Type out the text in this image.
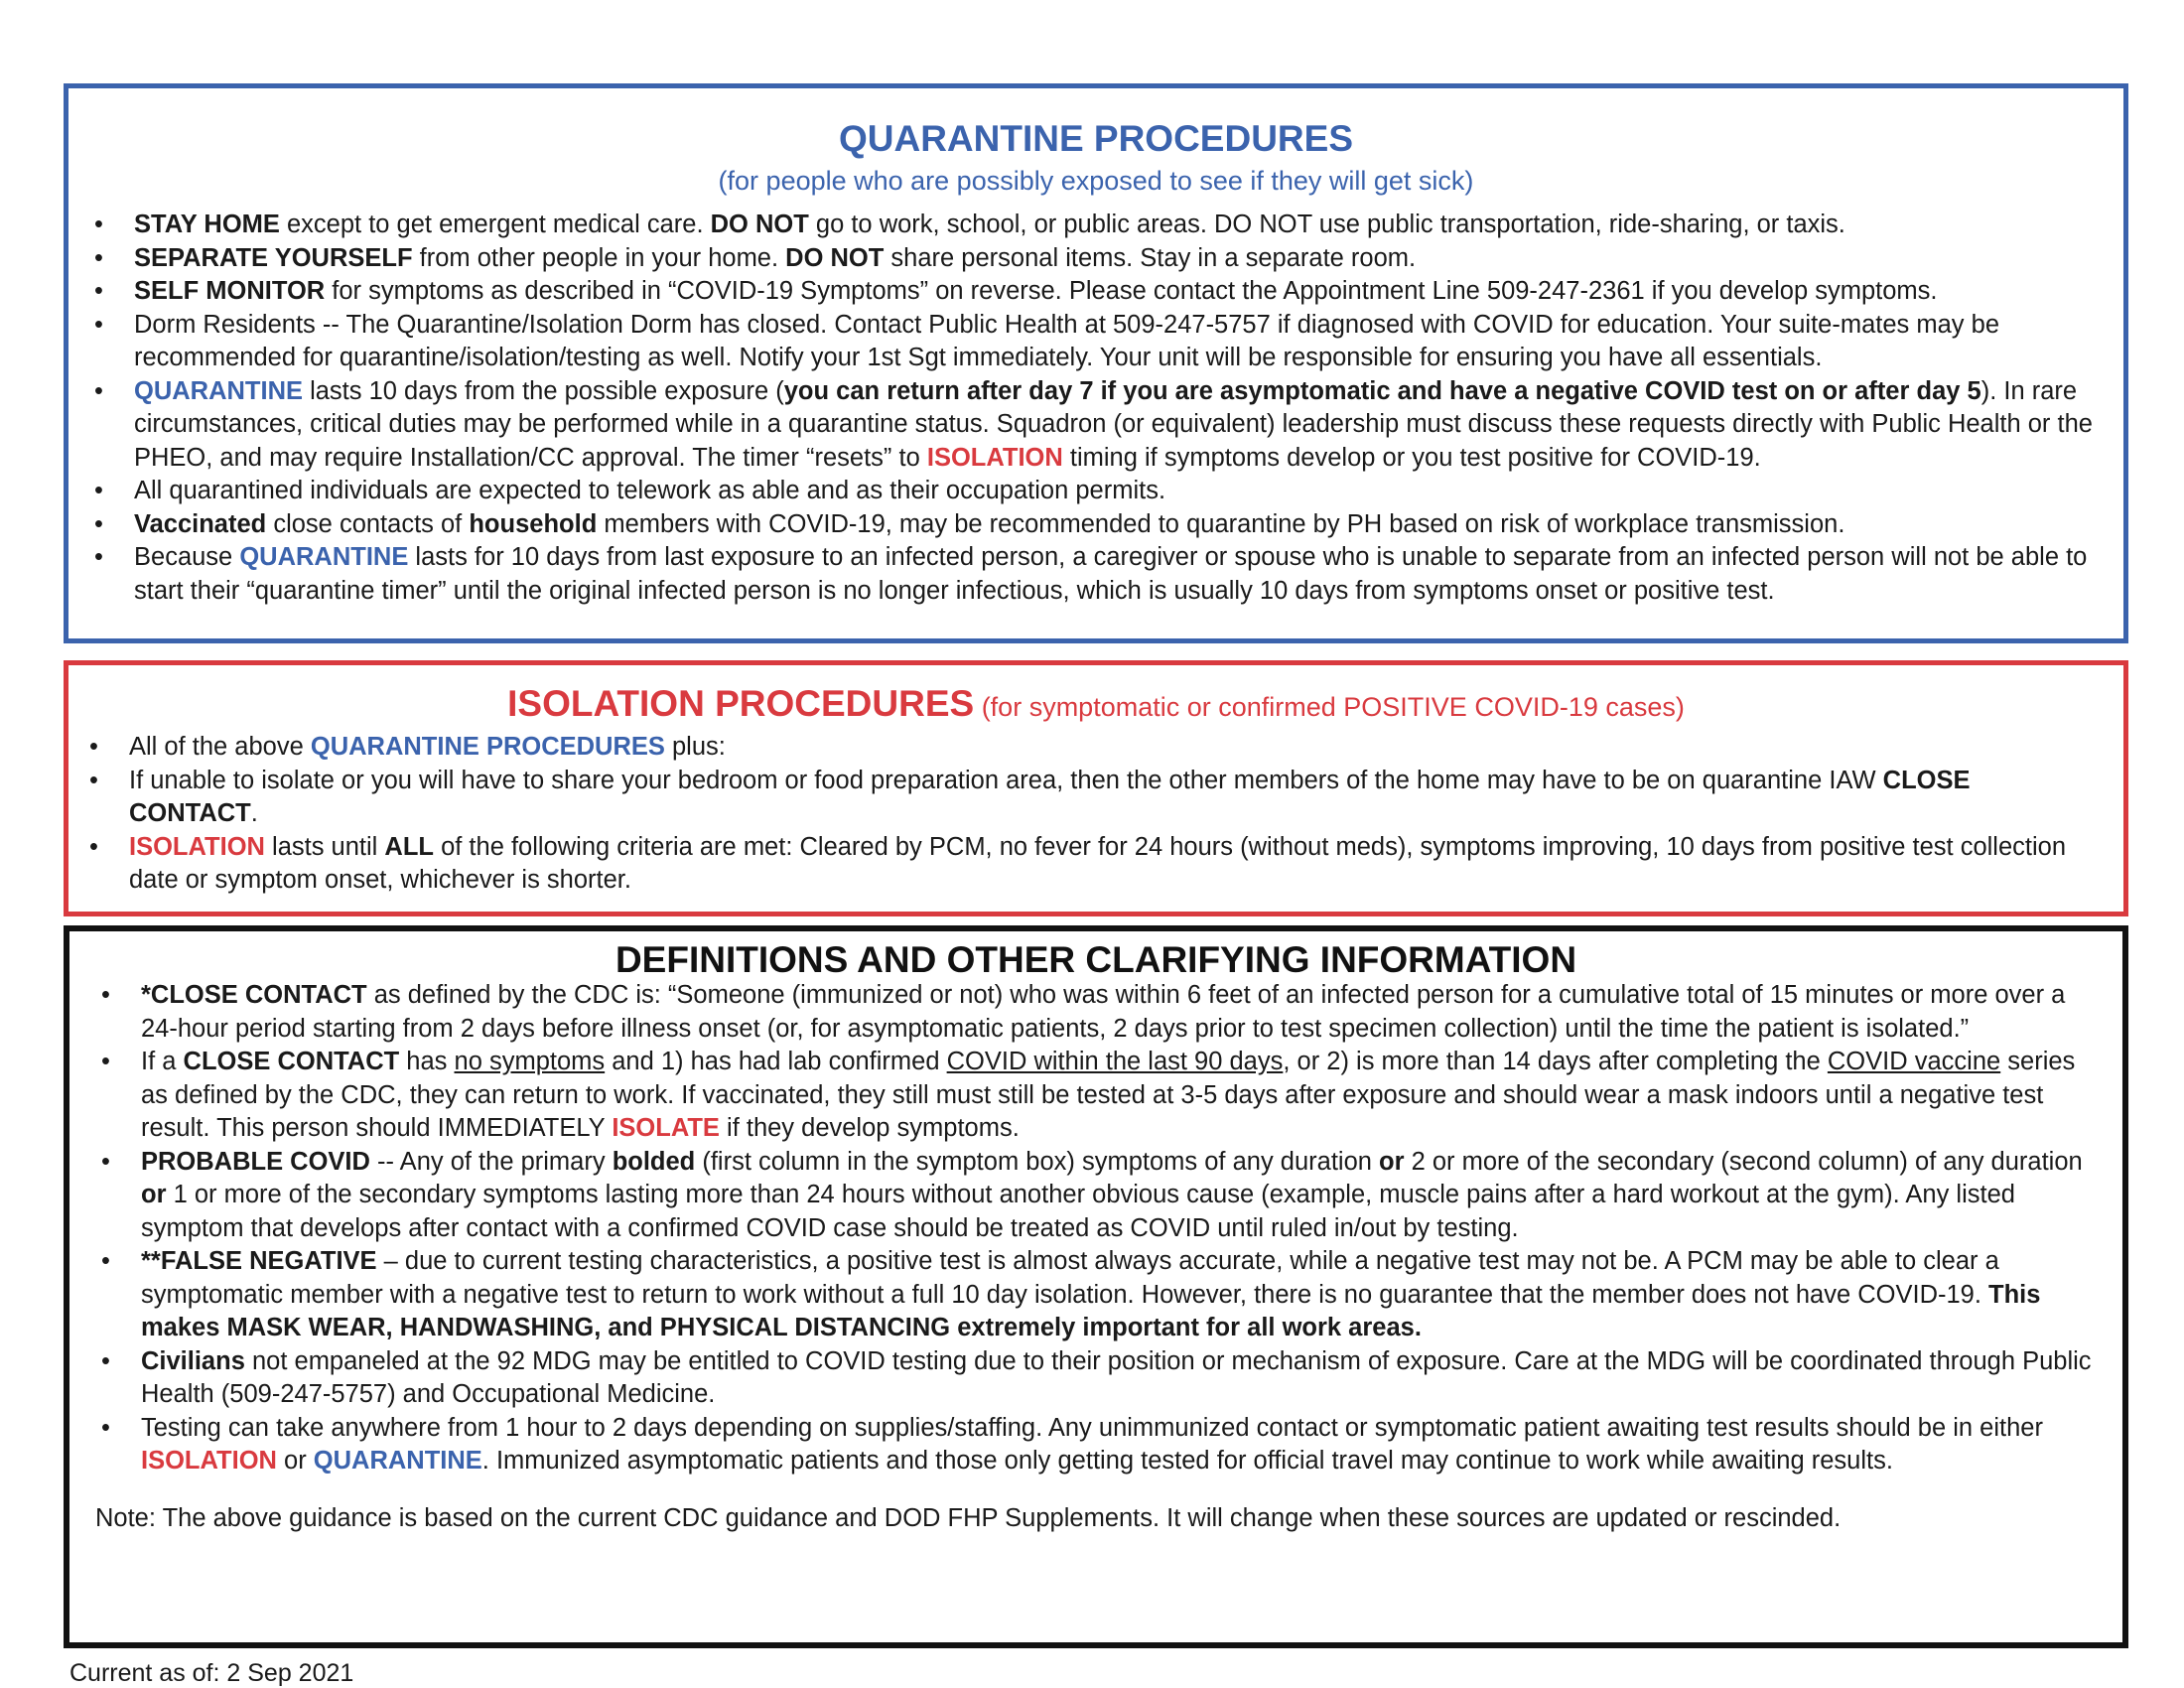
QUARANTINE PROCEDURES
(for people who are possibly exposed to see if they will get sick)
• STAY HOME except to get emergent medical care. DO NOT go to work, school, or public areas. DO NOT use public transportation, ride-sharing, or taxis.
• SEPARATE YOURSELF from other people in your home. DO NOT share personal items. Stay in a separate room.
• SELF MONITOR for symptoms as described in “COVID-19 Symptoms” on reverse. Please contact the Appointment Line 509-247-2361 if you develop symptoms.
• Dorm Residents -- The Quarantine/Isolation Dorm has closed. Contact Public Health at 509-247-5757 if diagnosed with COVID for education. Your suite-mates may be recommended for quarantine/isolation/testing as well. Notify your 1st Sgt immediately. Your unit will be responsible for ensuring you have all essentials.
• QUARANTINE lasts 10 days from the possible exposure (you can return after day 7 if you are asymptomatic and have a negative COVID test on or after day 5). In rare circumstances, critical duties may be performed while in a quarantine status. Squadron (or equivalent) leadership must discuss these requests directly with Public Health or the PHEO, and may require Installation/CC approval. The timer “resets” to ISOLATION timing if symptoms develop or you test positive for COVID-19.
• All quarantined individuals are expected to telework as able and as their occupation permits.
• Vaccinated close contacts of household members with COVID-19, may be recommended to quarantine by PH based on risk of workplace transmission.
• Because QUARANTINE lasts for 10 days from last exposure to an infected person, a caregiver or spouse who is unable to separate from an infected person will not be able to start their “quarantine timer” until the original infected person is no longer infectious, which is usually 10 days from symptoms onset or positive test.
ISOLATION PROCEDURES (for symptomatic or confirmed POSITIVE COVID-19 cases)
• All of the above QUARANTINE PROCEDURES plus:
• If unable to isolate or you will have to share your bedroom or food preparation area, then the other members of the home may have to be on quarantine IAW CLOSE CONTACT.
• ISOLATION lasts until ALL of the following criteria are met: Cleared by PCM, no fever for 24 hours (without meds), symptoms improving, 10 days from positive test collection date or symptom onset, whichever is shorter.
DEFINITIONS AND OTHER CLARIFYING INFORMATION
• *CLOSE CONTACT as defined by the CDC is: “Someone (immunized or not) who was within 6 feet of an infected person for a cumulative total of 15 minutes or more over a 24-hour period starting from 2 days before illness onset (or, for asymptomatic patients, 2 days prior to test specimen collection) until the time the patient is isolated.”
• If a CLOSE CONTACT has no symptoms and 1) has had lab confirmed COVID within the last 90 days, or 2) is more than 14 days after completing the COVID vaccine series as defined by the CDC, they can return to work. If vaccinated, they still must still be tested at 3-5 days after exposure and should wear a mask indoors until a negative test result. This person should IMMEDIATELY ISOLATE if they develop symptoms.
• PROBABLE COVID -- Any of the primary bolded (first column in the symptom box) symptoms of any duration or 2 or more of the secondary (second column) of any duration or 1 or more of the secondary symptoms lasting more than 24 hours without another obvious cause (example, muscle pains after a hard workout at the gym). Any listed symptom that develops after contact with a confirmed COVID case should be treated as COVID until ruled in/out by testing.
• **FALSE NEGATIVE – due to current testing characteristics, a positive test is almost always accurate, while a negative test may not be. A PCM may be able to clear a symptomatic member with a negative test to return to work without a full 10 day isolation. However, there is no guarantee that the member does not have COVID-19. This makes MASK WEAR, HANDWASHING, and PHYSICAL DISTANCING extremely important for all work areas.
• Civilians not empaneled at the 92 MDG may be entitled to COVID testing due to their position or mechanism of exposure. Care at the MDG will be coordinated through Public Health (509-247-5757) and Occupational Medicine.
• Testing can take anywhere from 1 hour to 2 days depending on supplies/staffing. Any unimmunized contact or symptomatic patient awaiting test results should be in either ISOLATION or QUARANTINE. Immunized asymptomatic patients and those only getting tested for official travel may continue to work while awaiting results.
Note: The above guidance is based on the current CDC guidance and DOD FHP Supplements. It will change when these sources are updated or rescinded.
Current as of: 2 Sep 2021
